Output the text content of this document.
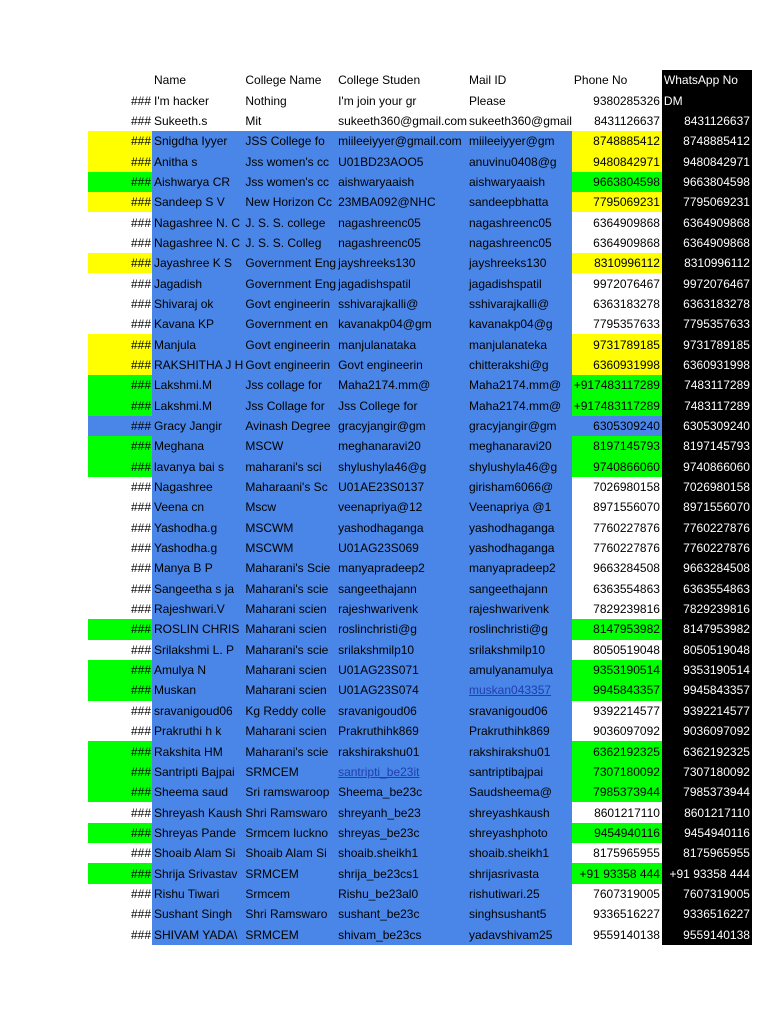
	Name	College Name	College Studen	Mail ID	Phone No	WhatsApp No
###	I'm hacker	Nothing	I'm join your gr	Please	9380285326	DM
###	Sukeeth.s	Mit	sukeeth360@gmail.com	sukeeth360@gmail	8431126637	8431126637
###	Snigdha Iyyer	JSS College fo	miileeiyyer@gmail.com	miileeiyyer@gm	8748885412	8748885412
###	Anitha s	Jss women's cc	U01BD23AOO5	anuvinu0408@g	9480842971	9480842971
###	Aishwarya CR	Jss women's cc	aishwaryaaish	aishwaryaaish	9663804598	9663804598
###	Sandeep S V	New Horizon Cc	23MBA092@NHC	sandeepbhatta	7795069231	7795069231
###	Nagashree N. C	J. S. S. college	nagashreenc05	nagashreenc05	6364909868	6364909868
###	Nagashree N. C	J. S. S. Colleg	nagashreenc05	nagashreenc05	6364909868	6364909868
###	Jayashree K S	Government Eng	jayshreeks130	jayshreeks130	8310996112	8310996112
###	Jagadish	Government Eng	jagadishspatil	jagadishspatil	9972076467	9972076467
###	Shivaraj ok	Govt engineerin	sshivarajkalli@	sshivarajkalli@	6363183278	6363183278
###	Kavana KP	Government en	kavanakp04@gm	kavanakp04@g	7795357633	7795357633
###	Manjula	Govt engineerin	manjulanataka	manjulanateka	9731789185	9731789185
###	RAKSHITHA J H	Govt engineerin	Govt engineerin	chitterakshi@g	6360931998	6360931998
###	Lakshmi.M	Jss collage for	Maha2174.mm@	Maha2174.mm@	+917483117289	7483117289
###	Lakshmi.M	Jss Collage for	Jss College for	Maha2174.mm@	+917483117289	7483117289
###	Gracy Jangir	Avinash Degree	gracyjangir@gm	gracyjangir@gm	6305309240	6305309240
###	Meghana	MSCW	meghanaravi20	meghanaravi20	8197145793	8197145793
###	lavanya bai s	maharani's sci	shylushyla46@g	shylushyla46@g	9740866060	9740866060
###	Nagashree	Maharaani's Sc	U01AE23S0137	girisham6066@	7026980158	7026980158
###	Veena cn	Mscw	veenapriya@12	Veenapriya @1	8971556070	8971556070
###	Yashodha.g	MSCWM	yashodhaganga	yashodhaganga	7760227876	7760227876
###	Yashodha.g	MSCWM	U01AG23S069	yashodhaganga	7760227876	7760227876
###	Manya B P	Maharani's Scie	manyapradeep2	manyapradeep2	9663284508	9663284508
###	Sangeetha s ja	Maharani's scie	sangeethajann	sangeethajann	6363554863	6363554863
###	Rajeshwari.V	Maharani scien	rajeshwarivenk	rajeshwarivenk	7829239816	7829239816
###	ROSLIN CHRIS	Maharani scien	roslinchristi@g	roslinchristi@g	8147953982	8147953982
###	Srilakshmi L. P	Maharani's scie	srilakshmilp10	srilakshmilp10	8050519048	8050519048
###	Amulya N	Maharani scien	U01AG23S071	amulyanamulya	9353190514	9353190514
###	Muskan	Maharani scien	U01AG23S074	muskan043357	9945843357	9945843357
###	sravanigoud06	Kg Reddy colle	sravanigoud06	sravanigoud06	9392214577	9392214577
###	Prakruthi h k	Maharani scien	Prakruthihk869	Prakruthihk869	9036097092	9036097092
###	Rakshita HM	Maharani's scie	rakshirakshu01	rakshirakshu01	6362192325	6362192325
###	Santripti Bajpai	SRMCEM	santripti_be23it	santriptibajpai	7307180092	7307180092
###	Sheema saud	Sri ramswaroop	Sheema_be23c	Saudsheema@	7985373944	7985373944
###	Shreyash Kaush	Shri Ramswaro	shreyanh_be23	shreyashkaush	8601217110	8601217110
###	Shreyas Pande	Srmcem luckno	shreyas_be23c	shreyashphoto	9454940116	9454940116
###	Shoaib Alam Si	Shoaib Alam Si	shoaib.sheikh1	shoaib.sheikh1	8175965955	8175965955
###	Shrija Srivastav	SRMCEM	shrija_be23cs1	shrijasrivasta	+91 93358 444	+91 93358 444
###	Rishu Tiwari	Srmcem	Rishu_be23al0	rishutiwari.25	7607319005	7607319005
###	Sushant Singh	Shri Ramswaro	sushant_be23c	singhsushant5	9336516227	9336516227
###	SHIVAM YADA\	SRMCEM	shivam_be23cs	yadavshivam25	9559140138	9559140138
